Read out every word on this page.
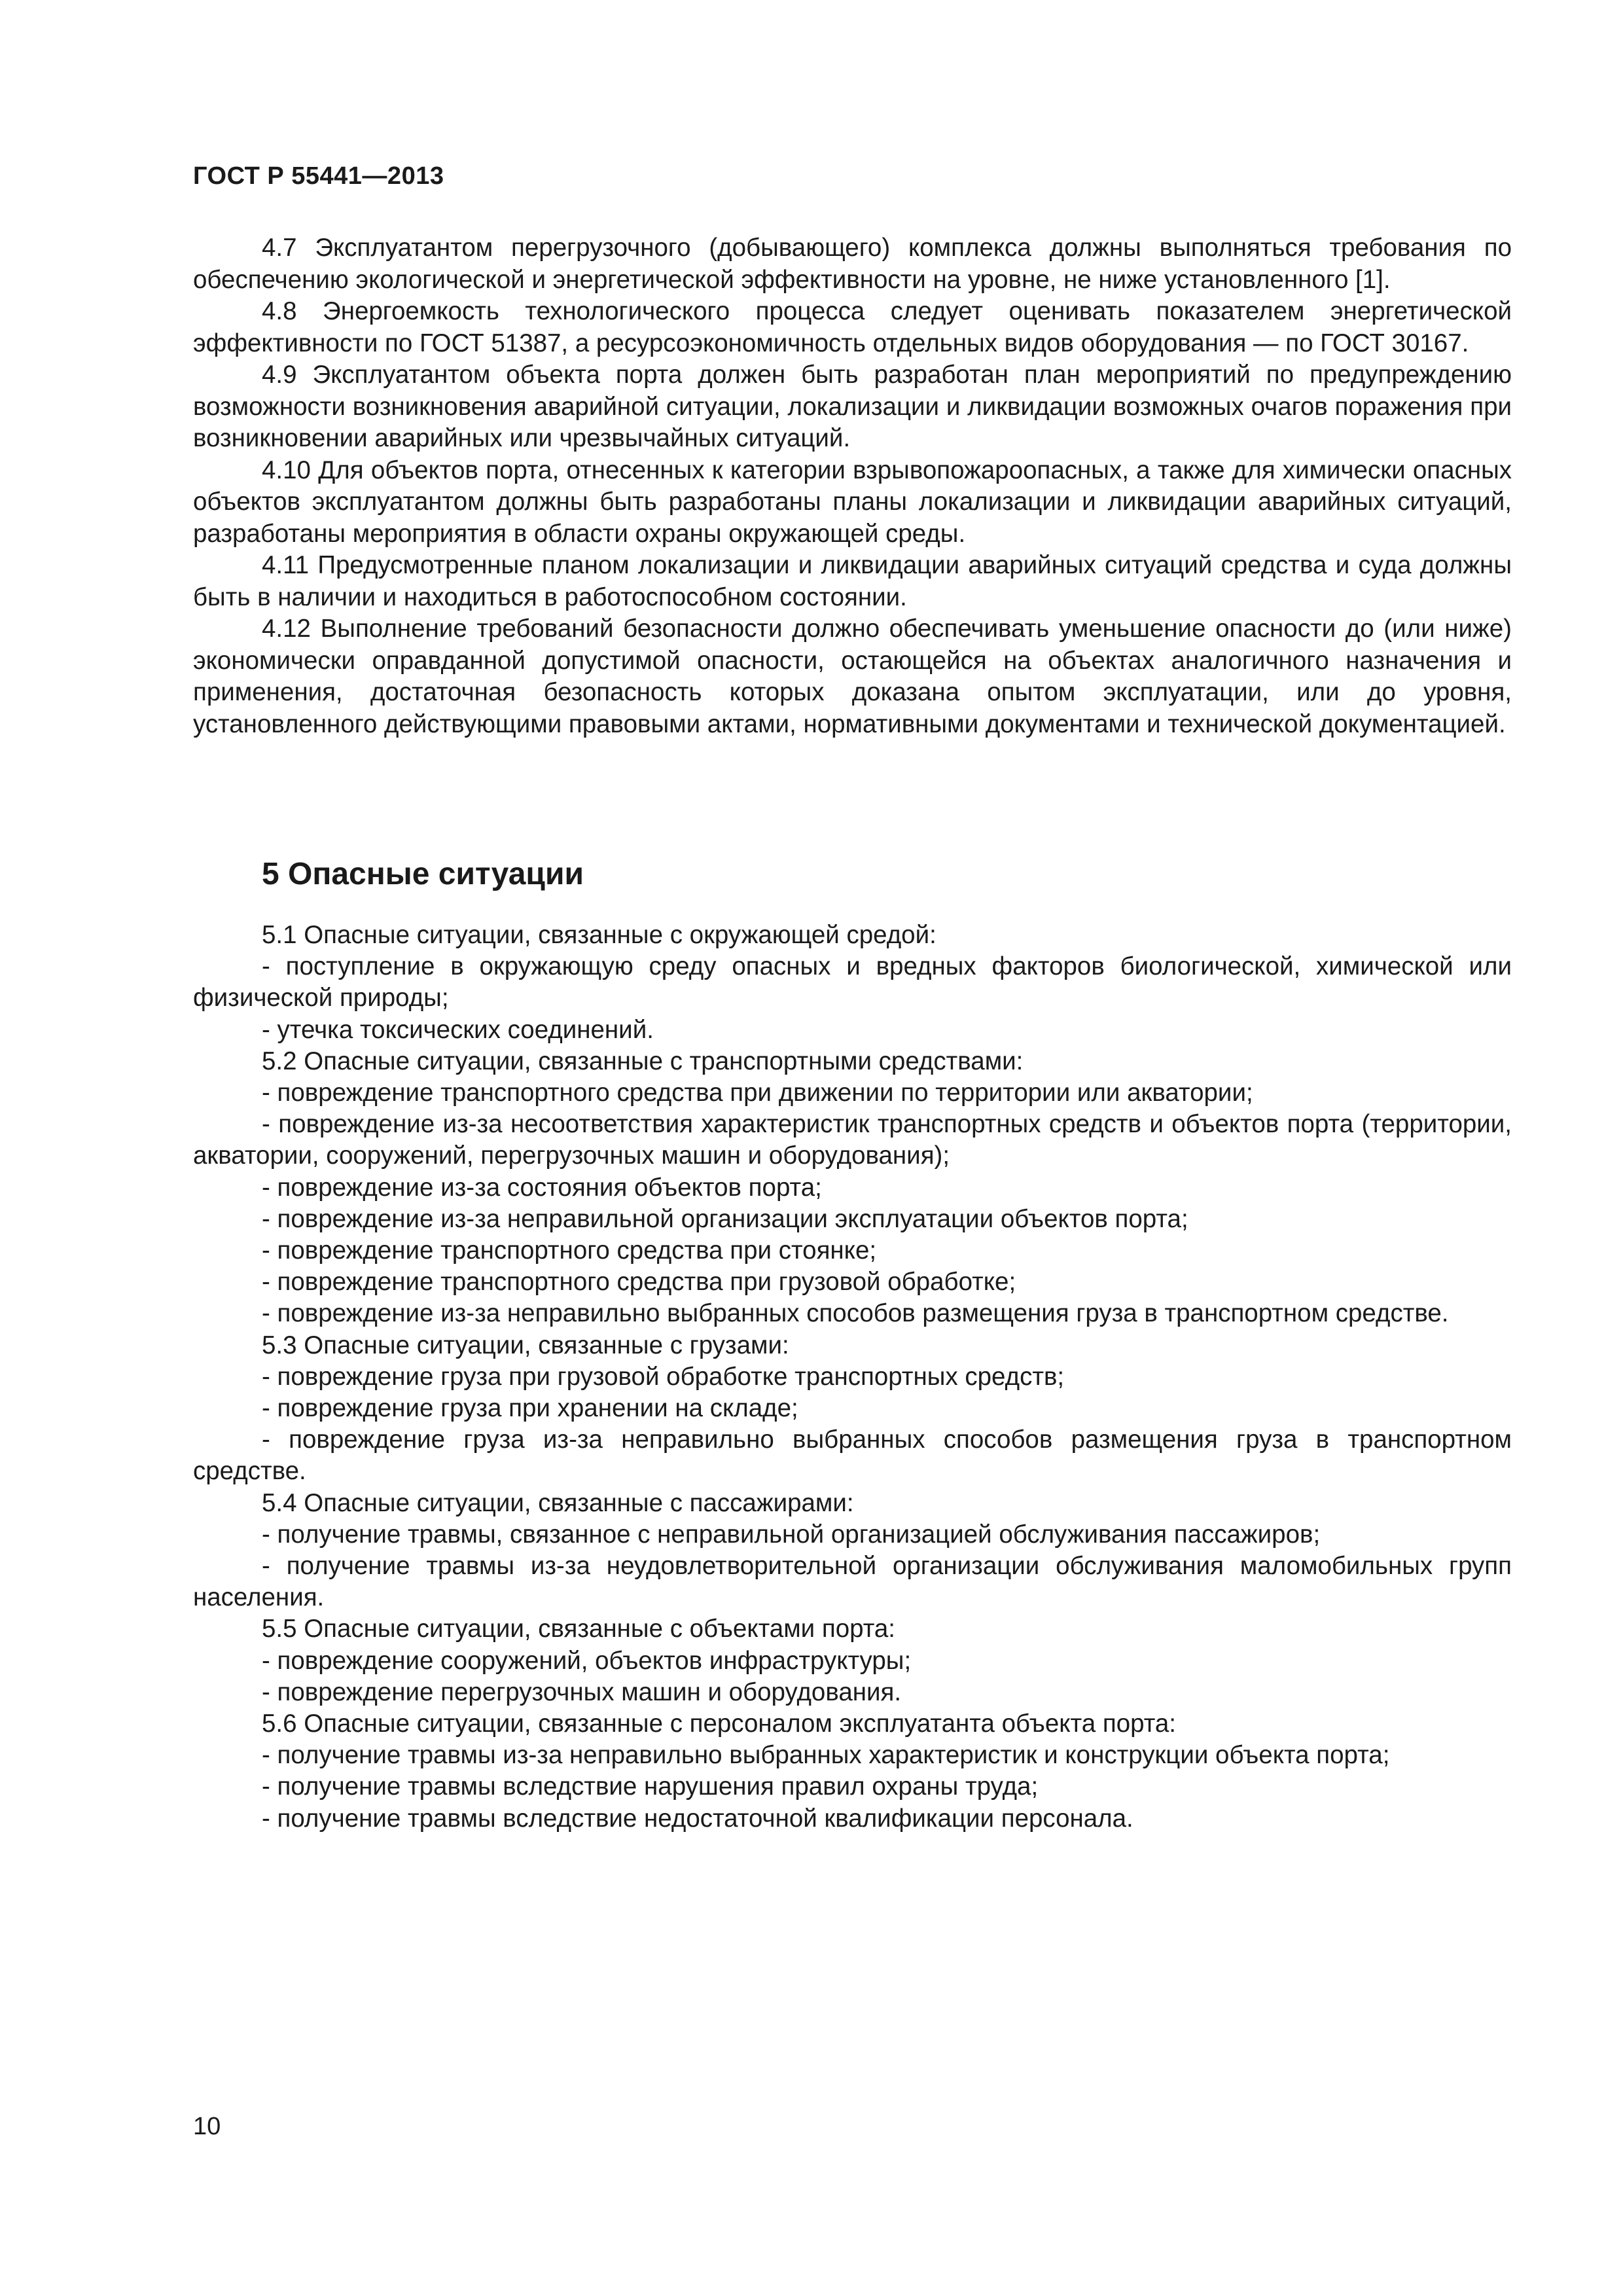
ГОСТ Р 55441—2013

4.7 Эксплуатантом перегрузочного (добывающего) комплекса должны выполняться требования по обеспечению экологической и энергетической эффективности на уровне, не ниже установленного [1].

4.8 Энергоемкость технологического процесса следует оценивать показателем энергетической эффективности по ГОСТ 51387, а ресурсоэкономичность отдельных видов оборудования — по ГОСТ 30167.

4.9 Эксплуатантом объекта порта должен быть разработан план мероприятий по предупреждению возможности возникновения аварийной ситуации, локализации и ликвидации возможных очагов поражения при возникновении аварийных или чрезвычайных ситуаций.

4.10 Для объектов порта, отнесенных к категории взрывопожароопасных, а также для химически опасных объектов эксплуатантом должны быть разработаны планы локализации и ликвидации аварийных ситуаций, разработаны мероприятия в области охраны окружающей среды.

4.11 Предусмотренные планом локализации и ликвидации аварийных ситуаций средства и суда должны быть в наличии и находиться в работоспособном состоянии.

4.12 Выполнение требований безопасности должно обеспечивать уменьшение опасности до (или ниже) экономически оправданной допустимой опасности, остающейся на объектах аналогичного назначения и применения, достаточная безопасность которых доказана опытом эксплуатации, или до уровня, установленного действующими правовыми актами, нормативными документами и технической документацией.

5 Опасные ситуации

5.1 Опасные ситуации, связанные с окружающей средой:

- поступление в окружающую среду опасных и вредных факторов биологической, химической или физической природы;

- утечка токсических соединений.

5.2 Опасные ситуации, связанные с транспортными средствами:

- повреждение транспортного средства при движении по территории или акватории;

- повреждение из-за несоответствия характеристик транспортных средств и объектов порта (территории, акватории, сооружений, перегрузочных машин и оборудования);

- повреждение из-за состояния объектов порта;

- повреждение из-за неправильной организации эксплуатации объектов порта;

- повреждение транспортного средства при стоянке;

- повреждение транспортного средства при грузовой обработке;

- повреждение из-за неправильно выбранных способов размещения груза в транспортном средстве.

5.3 Опасные ситуации, связанные с грузами:

- повреждение груза при грузовой обработке транспортных средств;

- повреждение груза при хранении на складе;

- повреждение груза из-за неправильно выбранных способов размещения груза в транспортном средстве.

5.4 Опасные ситуации, связанные с пассажирами:

- получение травмы, связанное с неправильной организацией обслуживания пассажиров;

- получение травмы из-за неудовлетворительной организации обслуживания маломобильных групп населения.

5.5 Опасные ситуации, связанные с объектами порта:

- повреждение сооружений, объектов инфраструктуры;

- повреждение перегрузочных машин и оборудования.

5.6 Опасные ситуации, связанные с персоналом эксплуатанта объекта порта:

- получение травмы из-за неправильно выбранных характеристик и конструкции объекта порта;

- получение травмы вследствие нарушения правил охраны труда;

- получение травмы вследствие недостаточной квалификации персонала.

10
